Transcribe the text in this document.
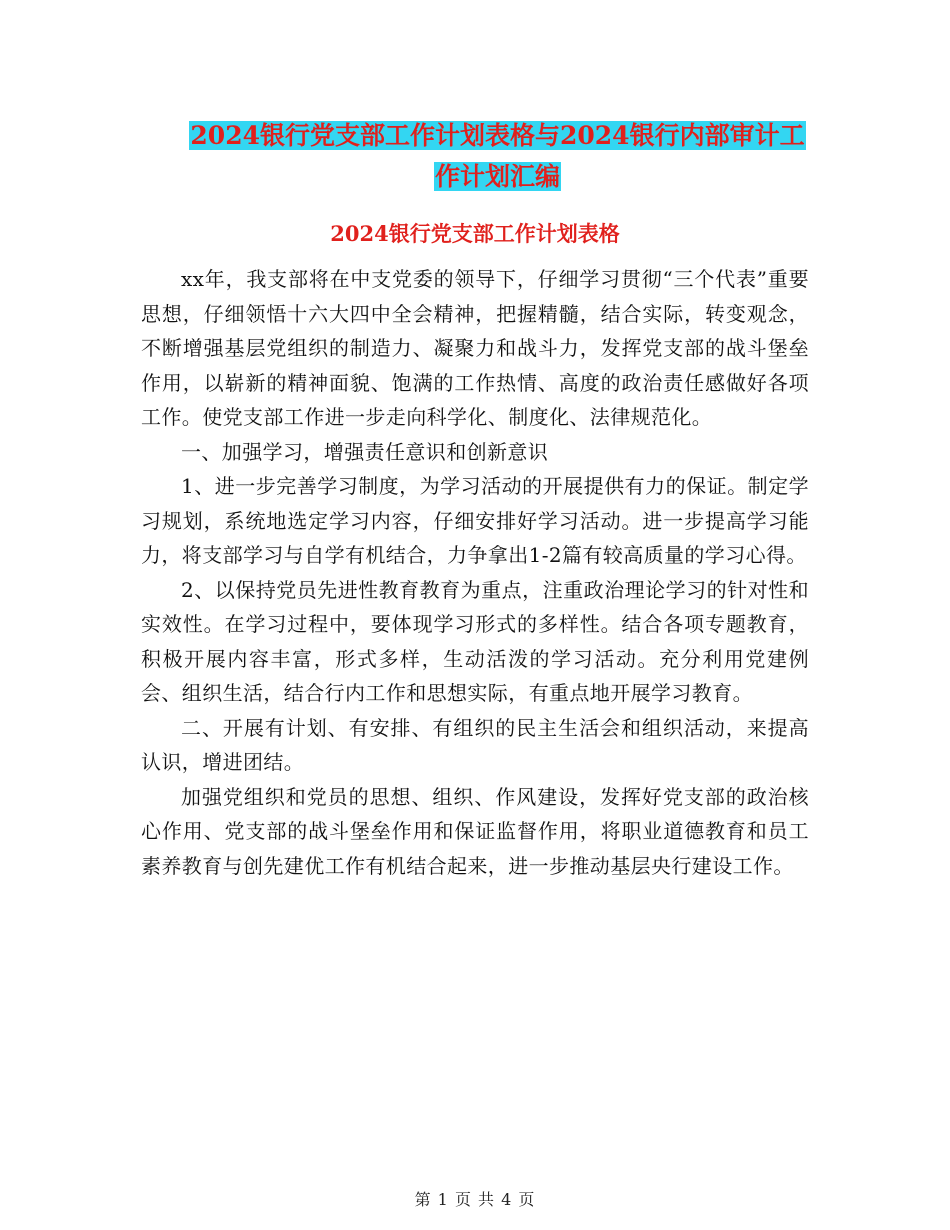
2024银行党支部工作计划表格与2024银行内部审计工
作计划汇编
2024银行党支部工作计划表格

xx年，我支部将在中支党委的领导下，仔细学习贯彻“三个代表”重要思想，仔细领悟十六大四中全会精神，把握精髓，结合实际，转变观念，不断增强基层党组织的制造力、凝聚力和战斗力，发挥党支部的战斗堡垒作用，以崭新的精神面貌、饱满的工作热情、高度的政治责任感做好各项工作。使党支部工作进一步走向科学化、制度化、法律规范化。

一、加强学习，增强责任意识和创新意识

1、进一步完善学习制度，为学习活动的开展提供有力的保证。制定学习规划，系统地选定学习内容，仔细安排好学习活动。进一步提高学习能力，将支部学习与自学有机结合，力争拿出1-2篇有较高质量的学习心得。

2、以保持党员先进性教育教育为重点，注重政治理论学习的针对性和实效性。在学习过程中，要体现学习形式的多样性。结合各项专题教育，积极开展内容丰富，形式多样，生动活泼的学习活动。充分利用党建例会、组织生活，结合行内工作和思想实际，有重点地开展学习教育。

二、开展有计划、有安排、有组织的民主生活会和组织活动，来提高认识，增进团结。

加强党组织和党员的思想、组织、作风建设，发挥好党支部的政治核心作用、党支部的战斗堡垒作用和保证监督作用，将职业道德教育和员工素养教育与创先建优工作有机结合起来，进一步推动基层央行建设工作。

第 1 页 共 4 页
